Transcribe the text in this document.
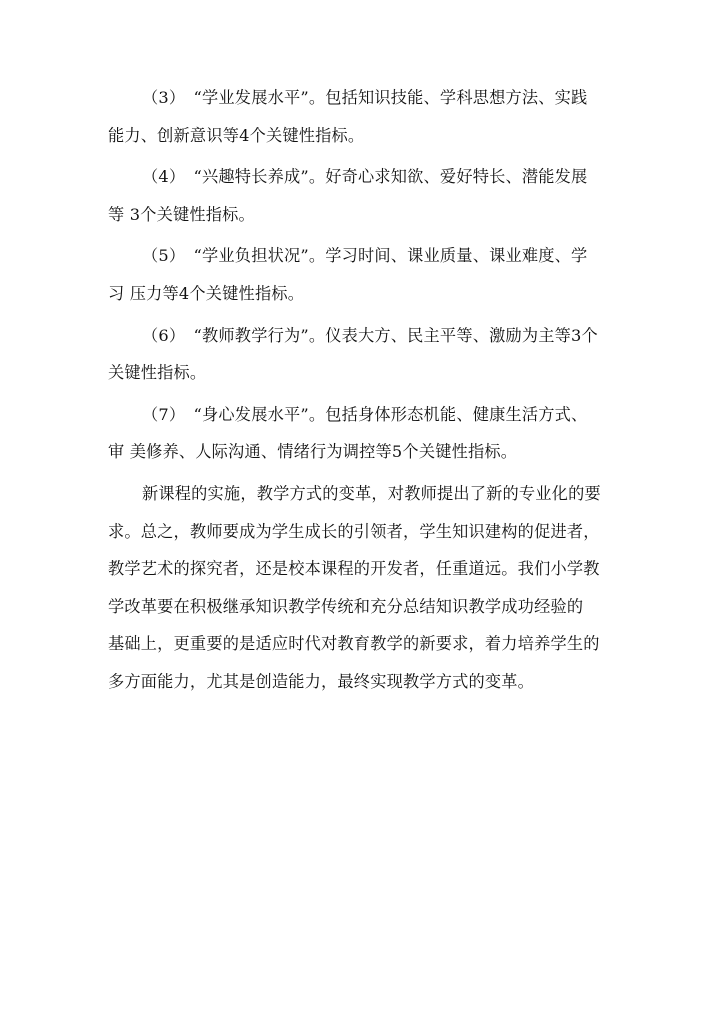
（3）　“学业发展水平”。包括知识技能、学科思想方法、实践
能力、创新意识等4个关键性指标。

（4）　“兴趣特长养成”。好奇心求知欲、爱好特长、潜能发展
等 3个关键性指标。

（5）　“学业负担状况”。学习时间、课业质量、课业难度、学
习 压力等4个关键性指标。

（6）　“教师教学行为”。仪表大方、民主平等、激励为主等3个
关键性指标。

（7）　“身心发展水平”。包括身体形态机能、健康生活方式、
审 美修养、人际沟通、情绪行为调控等5个关键性指标。

新课程的实施，教学方式的变革，对教师提出了新的专业化的要
求。总之，教师要成为学生成长的引领者，学生知识建构的促进者，
教学艺术的探究者，还是校本课程的开发者，任重道远。我们小学教
学改革要在积极继承知识教学传统和充分总结知识教学成功经验的
基础上，更重要的是适应时代对教育教学的新要求，着力培养学生的
多方面能力，尤其是创造能力，最终实现教学方式的变革。
